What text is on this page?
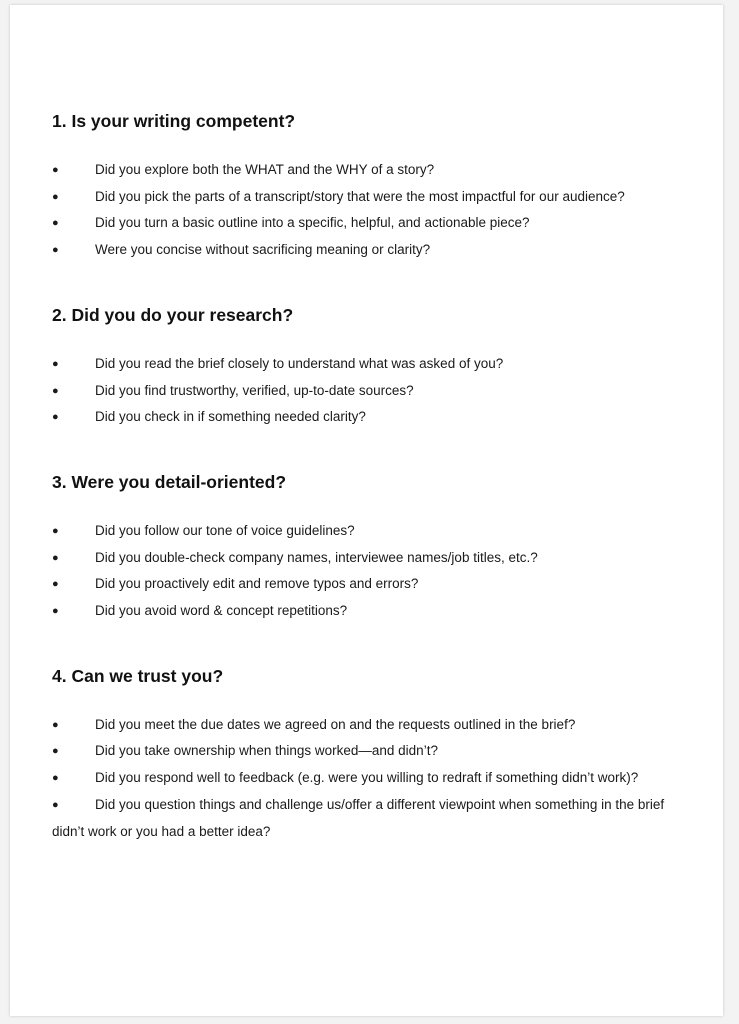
1. Is your writing competent?
●	Did you explore both the WHAT and the WHY of a story?
●	Did you pick the parts of a transcript/story that were the most impactful for our audience?
●	Did you turn a basic outline into a specific, helpful, and actionable piece?
●	Were you concise without sacrificing meaning or clarity?
2. Did you do your research?
●	Did you read the brief closely to understand what was asked of you?
●	Did you find trustworthy, verified, up-to-date sources?
●	Did you check in if something needed clarity?
3. Were you detail-oriented?
●	Did you follow our tone of voice guidelines?
●	Did you double-check company names, interviewee names/job titles, etc.?
●	Did you proactively edit and remove typos and errors?
●	Did you avoid word & concept repetitions?
4. Can we trust you?
●	Did you meet the due dates we agreed on and the requests outlined in the brief?
●	Did you take ownership when things worked—and didn’t?
●	Did you respond well to feedback (e.g. were you willing to redraft if something didn’t work)?
●	Did you question things and challenge us/offer a different viewpoint when something in the brief didn’t work or you had a better idea?
